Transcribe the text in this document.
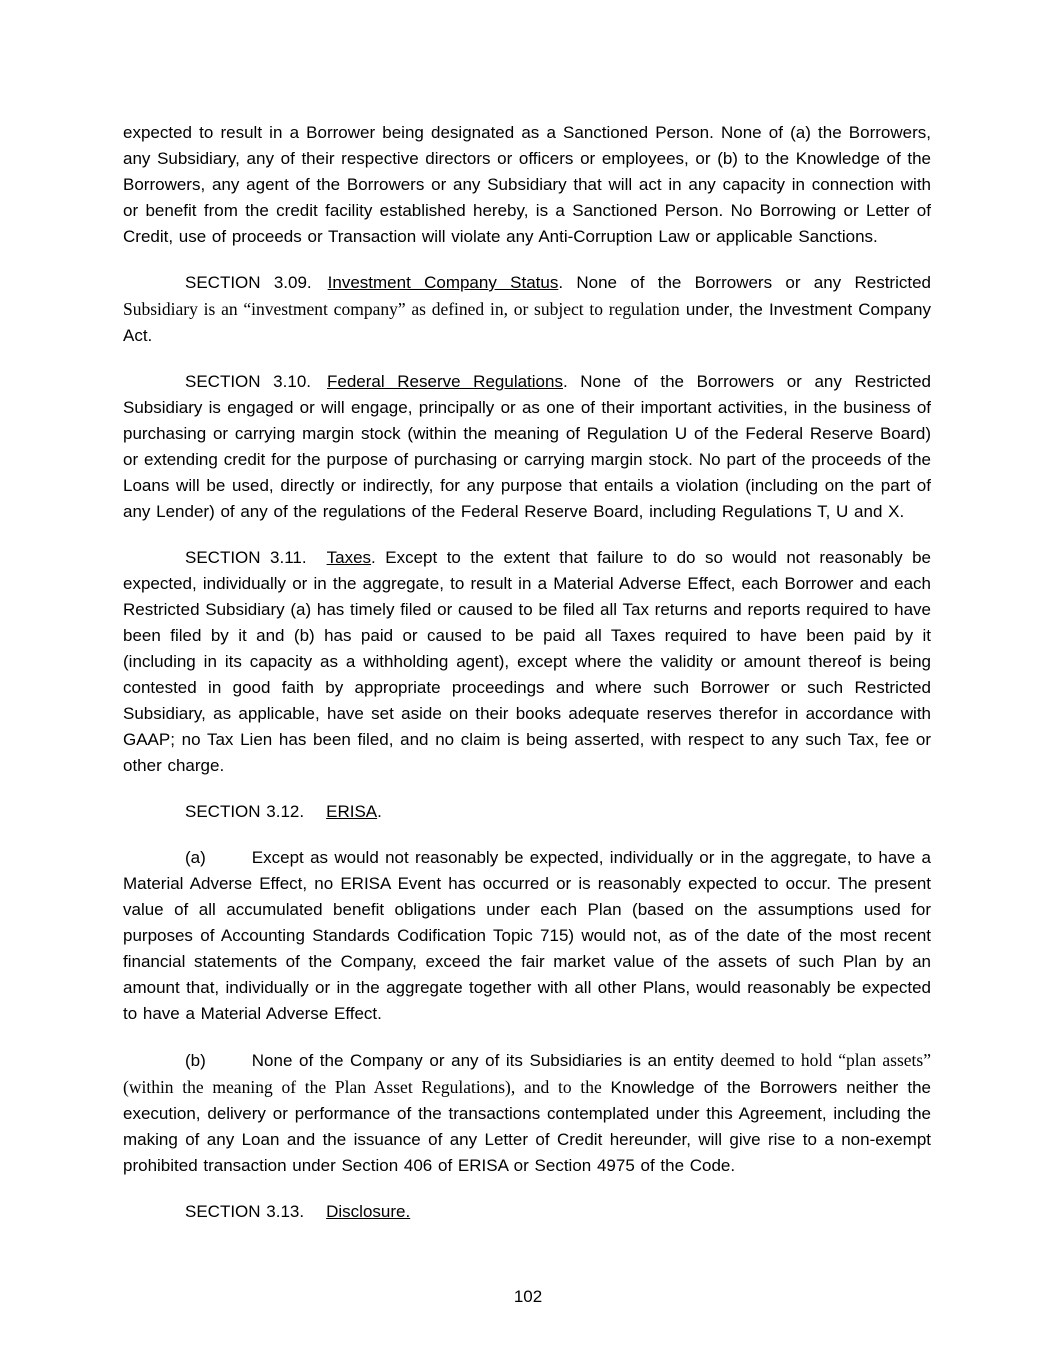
expected to result in a Borrower being designated as a Sanctioned Person. None of (a) the Borrowers, any Subsidiary, any of their respective directors or officers or employees, or (b) to the Knowledge of the Borrowers, any agent of the Borrowers or any Subsidiary that will act in any capacity in connection with or benefit from the credit facility established hereby, is a Sanctioned Person. No Borrowing or Letter of Credit, use of proceeds or Transaction will violate any Anti-Corruption Law or applicable Sanctions.

SECTION 3.09. Investment Company Status. None of the Borrowers or any Restricted Subsidiary is an “investment company” as defined in, or subject to regulation under, the Investment Company Act.

SECTION 3.10. Federal Reserve Regulations. None of the Borrowers or any Restricted Subsidiary is engaged or will engage, principally or as one of their important activities, in the business of purchasing or carrying margin stock (within the meaning of Regulation U of the Federal Reserve Board) or extending credit for the purpose of purchasing or carrying margin stock. No part of the proceeds of the Loans will be used, directly or indirectly, for any purpose that entails a violation (including on the part of any Lender) of any of the regulations of the Federal Reserve Board, including Regulations T, U and X.

SECTION 3.11. Taxes. Except to the extent that failure to do so would not reasonably be expected, individually or in the aggregate, to result in a Material Adverse Effect, each Borrower and each Restricted Subsidiary (a) has timely filed or caused to be filed all Tax returns and reports required to have been filed by it and (b) has paid or caused to be paid all Taxes required to have been paid by it (including in its capacity as a withholding agent), except where the validity or amount thereof is being contested in good faith by appropriate proceedings and where such Borrower or such Restricted Subsidiary, as applicable, have set aside on their books adequate reserves therefor in accordance with GAAP; no Tax Lien has been filed, and no claim is being asserted, with respect to any such Tax, fee or other charge.

SECTION 3.12. ERISA.

(a)	Except as would not reasonably be expected, individually or in the aggregate, to have a Material Adverse Effect, no ERISA Event has occurred or is reasonably expected to occur. The present value of all accumulated benefit obligations under each Plan (based on the assumptions used for purposes of Accounting Standards Codification Topic 715) would not, as of the date of the most recent financial statements of the Company, exceed the fair market value of the assets of such Plan by an amount that, individually or in the aggregate together with all other Plans, would reasonably be expected to have a Material Adverse Effect.

(b)	None of the Company or any of its Subsidiaries is an entity deemed to hold “plan assets” (within the meaning of the Plan Asset Regulations), and to the Knowledge of the Borrowers neither the execution, delivery or performance of the transactions contemplated under this Agreement, including the making of any Loan and the issuance of any Letter of Credit hereunder, will give rise to a non-exempt prohibited transaction under Section 406 of ERISA or Section 4975 of the Code.

SECTION 3.13. Disclosure.

102
